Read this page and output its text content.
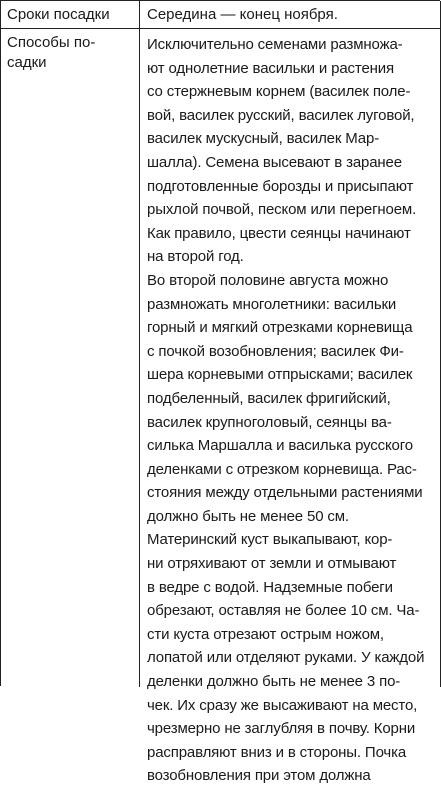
Сроки посадки	Середина — конец ноября.
Способы по-
садки
Исключительно семенами размножа-
ют однолетние васильки и растения
со стержневым корнем (василек поле-
вой, василек русский, василек луговой,
василек мускусный, василек Мар-
шалла). Семена высевают в заранее
подготовленные борозды и присыпают
рыхлой почвой, песком или перегноем.
Как правило, цвести сеянцы начинают
на второй год.
Во второй половине августа можно
размножать многолетники: васильки
горный и мягкий отрезками корневища
с почкой возобновления; василек Фи-
шера корневыми отпрысками; василек
подбеленный, василек фригийский,
василек крупноголовый, сеянцы ва-
силька Маршалла и василька русского
деленками с отрезком корневища. Рас-
стояния между отдельными растениями
должно быть не менее 50 см.
Материнский куст выкапывают, кор-
ни отряхивают от земли и отмывают
в ведре с водой. Надземные побеги
обрезают, оставляя не более 10 см. Ча-
сти куста отрезают острым ножом,
лопатой или отделяют руками. У каждой
деленки должно быть не менее 3 по-
чек. Их сразу же высаживают на место,
чрезмерно не заглубляя в почву. Корни
расправляют вниз и в стороны. Почка
возобновления при этом должна
